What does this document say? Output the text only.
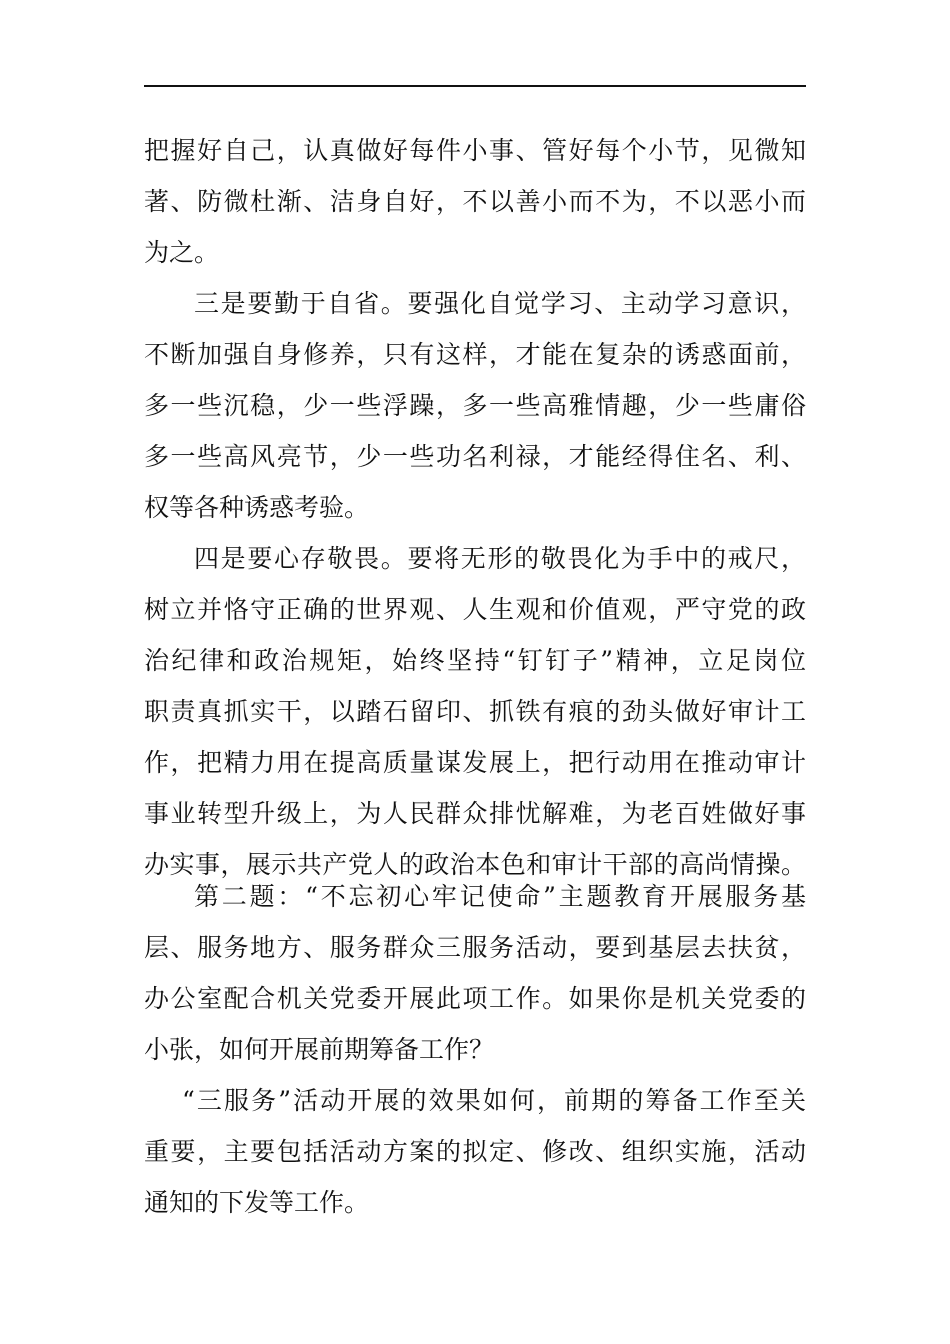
把握好自己，认真做好每件小事、管好每个小节，见微知
著、防微杜渐、洁身自好，不以善小而不为，不以恶小而
为之。
三是要勤于自省。要强化自觉学习、主动学习意识，
不断加强自身修养，只有这样，才能在复杂的诱惑面前，
多一些沉稳，少一些浮躁，多一些高雅情趣，少一些庸俗
多一些高风亮节，少一些功名利禄，才能经得住名、利、
权等各种诱惑考验。
四是要心存敬畏。要将无形的敬畏化为手中的戒尺，
树立并恪守正确的世界观、人生观和价值观，严守党的政
治纪律和政治规矩，始终坚持“钉钉子”精神，立足岗位
职责真抓实干，以踏石留印、抓铁有痕的劲头做好审计工
作，把精力用在提高质量谋发展上，把行动用在推动审计
事业转型升级上，为人民群众排忧解难，为老百姓做好事
办实事，展示共产党人的政治本色和审计干部的高尚情操。
第二题：“不忘初心牢记使命”主题教育开展服务基
层、服务地方、服务群众三服务活动，要到基层去扶贫，
办公室配合机关党委开展此项工作。如果你是机关党委的
小张，如何开展前期筹备工作？
“三服务”活动开展的效果如何，前期的筹备工作至关
重要，主要包括活动方案的拟定、修改、组织实施，活动
通知的下发等工作。
